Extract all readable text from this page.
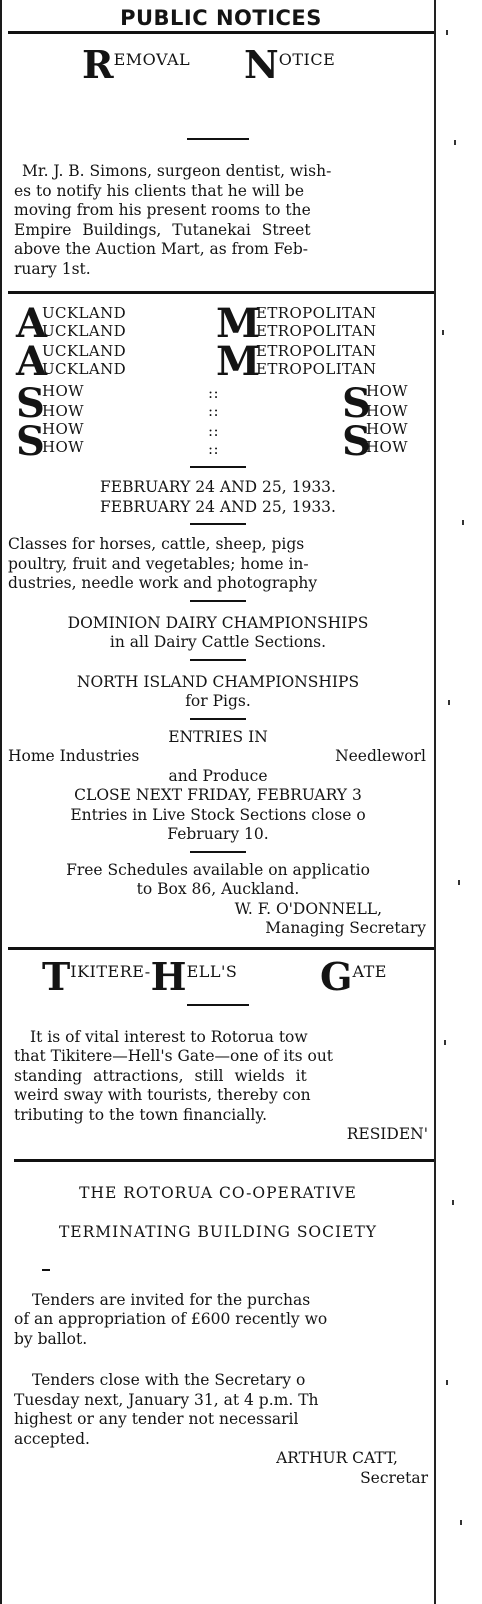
PUBLIC NOTICES
REMOVAL NOTICE

Mr. J. B. Simons, surgeon dentist, wish-

es to notify his clients that he will be

moving from his present rooms to the

Empire Buildings, Tutanekai Street

above the Auction Mart, as from Feb-

ruary 1st.

A
UCKLAND
UCKLAND
A
UCKLAND
UCKLAND
M
ETROPOLITAN
ETROPOLITAN
M
ETROPOLITAN
ETROPOLITAN
S
HOW
HOW
S
HOW
HOW
::
::
::
::
S
HOW
HOW
S
HOW
HOW

FEBRUARY 24 AND 25, 1933.

FEBRUARY 24 AND 25, 1933.

Classes for horses, cattle, sheep, pigs

poultry, fruit and vegetables; home in-

dustries, needle work and photography

DOMINION DAIRY CHAMPIONSHIPS

in all Dairy Cattle Sections.

NORTH ISLAND CHAMPIONSHIPS

for Pigs.

ENTRIES IN

Home Industries	Needleworl

and Produce

CLOSE NEXT FRIDAY, FEBRUARY 3

Entries in Live Stock Sections close o

February 10.

Free Schedules available on applicatio

to Box 86, Auckland.

W. F. O'DONNELL,

Managing Secretary

TIKITERE-HELL'S GATE

It is of vital interest to Rotorua tow

that Tikitere—Hell's Gate—one of its out

standing attractions, still wields it

weird sway with tourists, thereby con

tributing to the town financially.

RESIDEN'

THE ROTORUA CO-OPERATIVE

TERMINATING BUILDING SOCIETY

Tenders are invited for the purchas

of an appropriation of £600 recently wo

by ballot.

Tenders close with the Secretary o

Tuesday next, January 31, at 4 p.m. Th

highest or any tender not necessaril

accepted.

ARTHUR CATT,

Secretar
